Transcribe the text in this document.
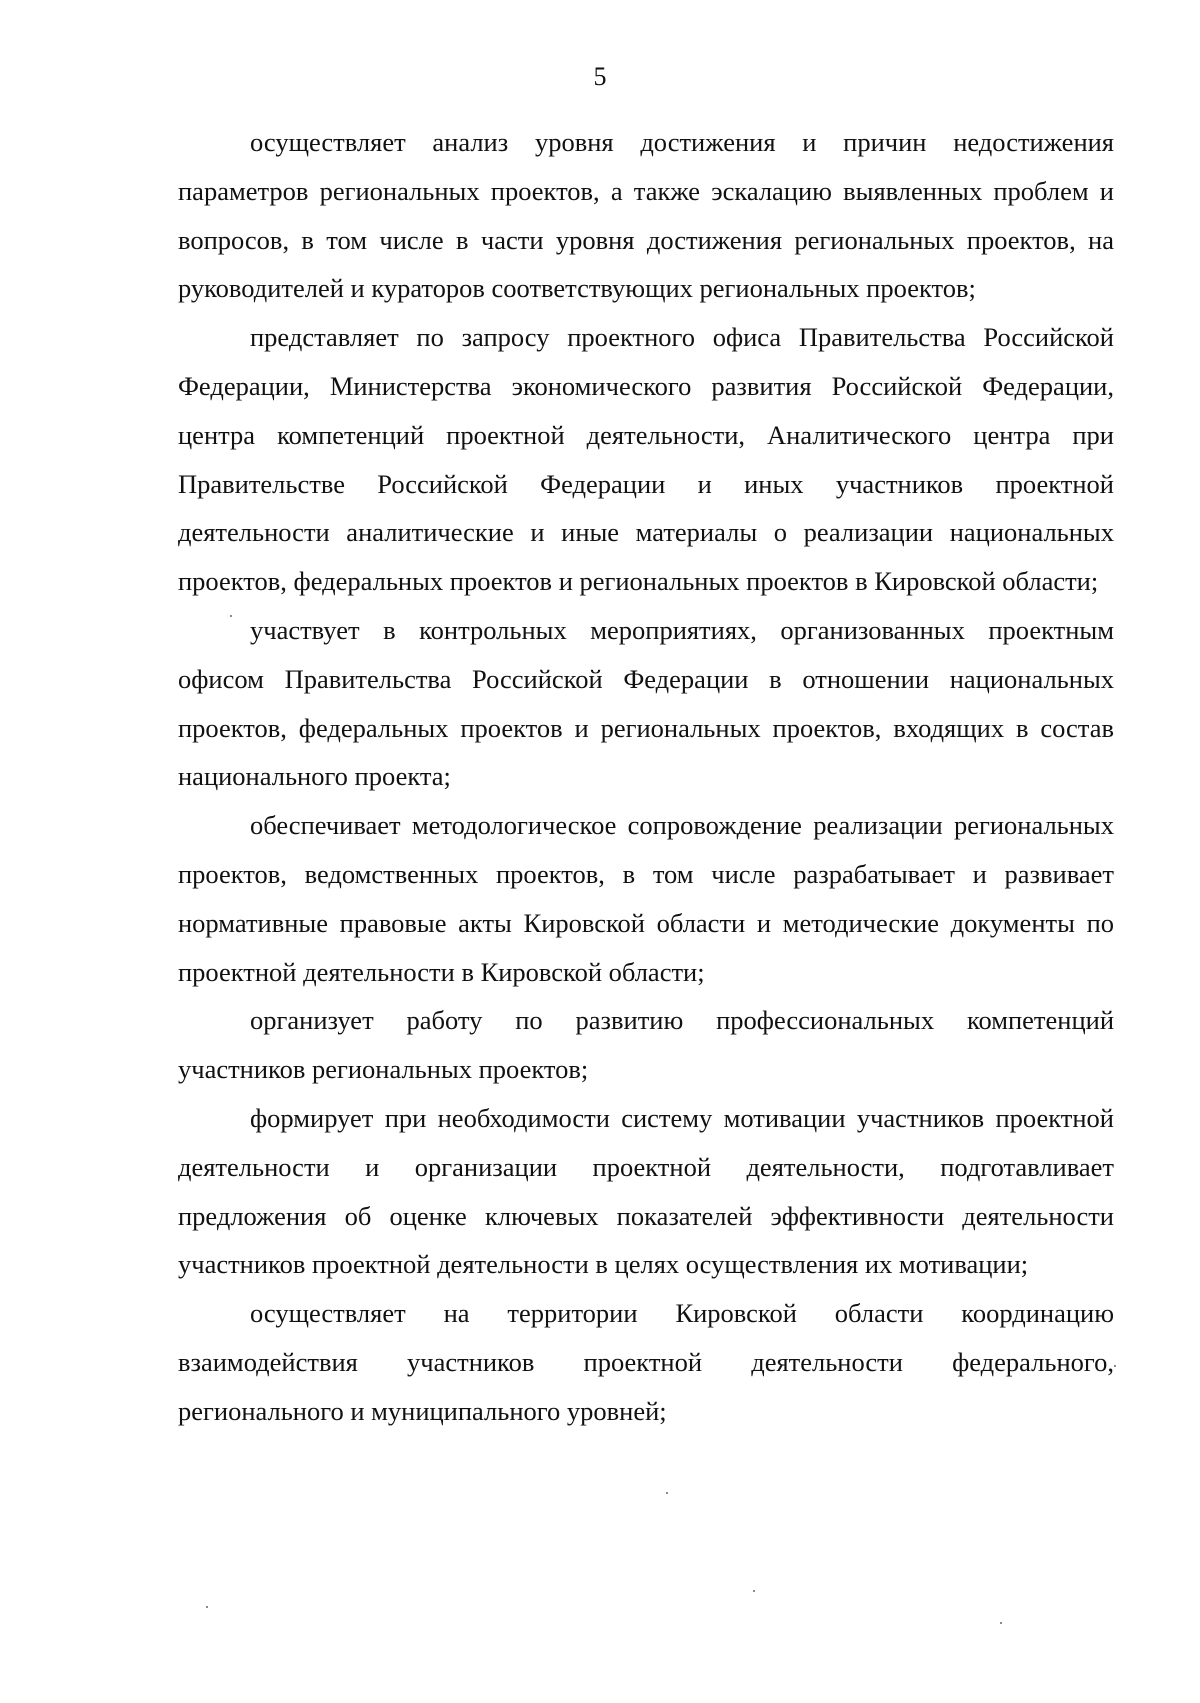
5

осуществляет анализ уровня достижения и причин недостижения параметров региональных проектов, а также эскалацию выявленных проблем и вопросов, в том числе в части уровня достижения региональных проектов, на руководителей и кураторов соответствующих региональных проектов;

представляет по запросу проектного офиса Правительства Российской Федерации, Министерства экономического развития Российской Федерации, центра компетенций проектной деятельности, Аналитического центра при Правительстве Российской Федерации и иных участников проектной деятельности аналитические и иные материалы о реализации национальных проектов, федеральных проектов и региональных проектов в Кировской области;

участвует в контрольных мероприятиях, организованных проектным офисом Правительства Российской Федерации в отношении национальных проектов, федеральных проектов и региональных проектов, входящих в состав национального проекта;

обеспечивает методологическое сопровождение реализации региональных проектов, ведомственных проектов, в том числе разрабатывает и развивает нормативные правовые акты Кировской области и методические документы по проектной деятельности в Кировской области;

организует работу по развитию профессиональных компетенций участников региональных проектов;

формирует при необходимости систему мотивации участников проектной деятельности и организации проектной деятельности, подготавливает предложения об оценке ключевых показателей эффективности деятельности участников проектной деятельности в целях осуществления их мотивации;

осуществляет на территории Кировской области координацию взаимодействия участников проектной деятельности федерального, регионального и муниципального уровней;
